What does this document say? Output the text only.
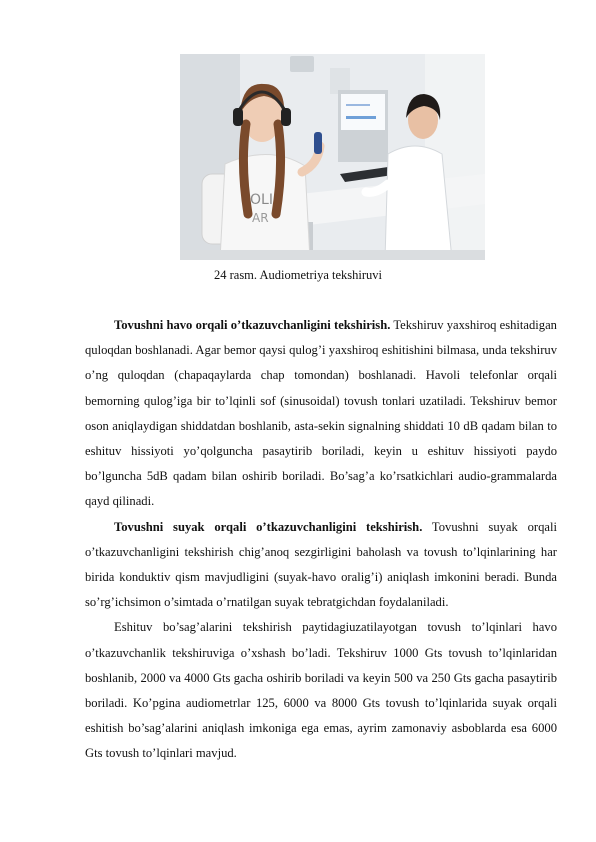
OLI
AR
24 rasm. Audiometriya tekshiruvi

Tovushni havo orqali o’tkazuvchanligini tekshirish. Tekshiruv yaxshiroq eshitadigan quloqdan boshlanadi. Agar bemor qaysi qulog’i yaxshiroq eshitishini bilmasa, unda tekshiruv o’ng quloqdan (chapaqaylarda chap tomondan) boshlanadi. Havoli telefonlar orqali bemorning qulog’iga bir to’lqinli sof (sinusoidal) tovush tonlari uzatiladi. Tekshiruv bemor oson aniqlaydigan shiddatdan boshlanib, asta-sekin signalning shiddati 10 dB qadam bilan to eshituv hissiyoti yo’qolguncha pasaytirib boriladi, keyin u eshituv hissiyoti paydo bo’lguncha 5dB qadam bilan oshirib boriladi. Bo’sag’a ko’rsatkichlari audio-grammalarda qayd qilinadi.

Tovushni suyak orqali o’tkazuvchanligini tekshirish. Tovushni suyak orqali o’tkazuvchanligini tekshirish chig’anoq sezgirligini baholash va tovush to’lqinlarining har birida konduktiv qism mavjudligini (suyak-havo oralig’i) aniqlash imkonini beradi. Bunda so’rg’ichsimon o’simtada o’rnatilgan suyak tebratgichdan foydalaniladi.

Eshituv bo’sag’alarini tekshirish paytidagiuzatilayotgan tovush to’lqinlari havo o’tkazuvchanlik tekshiruviga o’xshash bo’ladi. Tekshiruv 1000 Gts tovush to’lqinlaridan boshlanib, 2000 va 4000 Gts gacha oshirib boriladi va keyin 500 va 250 Gts gacha pasaytirib boriladi. Ko’pgina audiometrlar 125, 6000 va 8000 Gts tovush to’lqinlarida suyak orqali eshitish bo’sag’alarini aniqlash imkoniga ega emas, ayrim zamonaviy asboblarda esa 6000 Gts tovush to’lqinlari mavjud.
